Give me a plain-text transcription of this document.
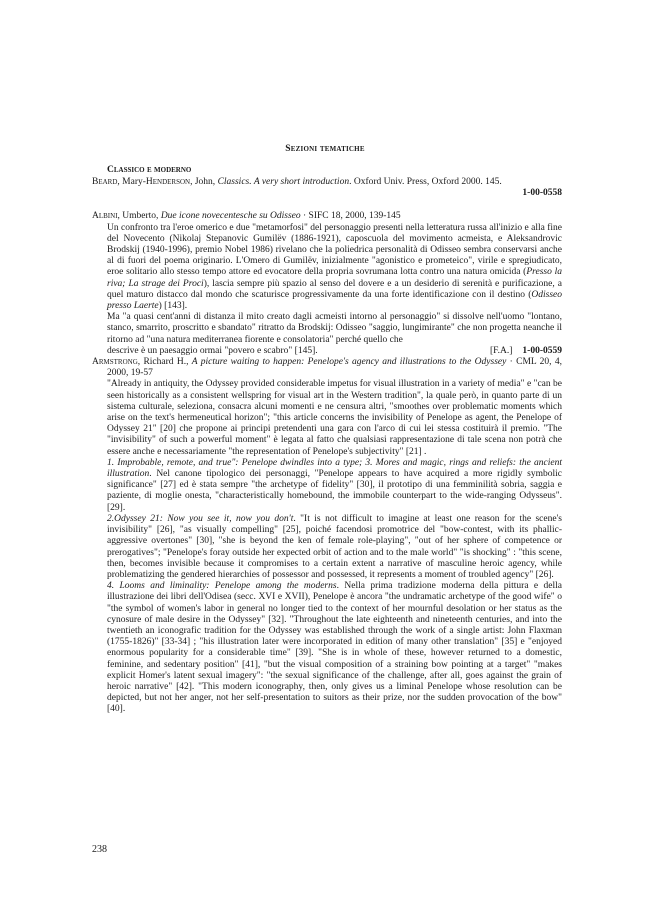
Sezioni tematiche
Classico e moderno
Beard, Mary-Henderson, John, Classics. A very short introduction. Oxford Univ. Press, Oxford 2000. 145.
1-00-0558
Albini, Umberto, Due icone novecentesche su Odisseo · SIFC 18, 2000, 139-145
Un confronto tra l'eroe omerico e due "metamorfosi" del personaggio presenti nella letteratura russa all'inizio e alla fine del Novecento (Nikolaj Stepanovic Gumilëv (1886-1921), caposcuola del movimento acmeista, e Aleksandrovic Brodskij (1940-1996), premio Nobel 1986) rivelano che la poliedrica personalità di Odisseo sembra conservarsi anche al di fuori del poema originario. L'Omero di Gumilëv, inizialmente "agonistico e prometeico", virile e spregiudicato, eroe solitario allo stesso tempo attore ed evocatore della propria sovrumana lotta contro una natura omicida (Presso la riva; La strage dei Proci), lascia sempre più spazio al senso del dovere e a un desiderio di serenità e purificazione, a quel maturo distacco dal mondo che scaturisce progressivamente da una forte identificazione con il destino (Odisseo presso Laerte) [143].
Ma "a quasi cent'anni di distanza il mito creato dagli acmeisti intorno al personaggio" si dissolve nell'uomo "lontano, stanco, smarrito, proscritto e sbandato" ritratto da Brodskij: Odisseo "saggio, lungimirante" che non progetta neanche il ritorno ad "una natura mediterranea fiorente e consolatoria" perché quello che
descrive è un paesaggio ormai "povero e scabro" [145].	[F.A.] 1-00-0559
Armstrong, Richard H., A picture waiting to happen: Penelope's agency and illustrations to the Odyssey · CML 20, 4, 2000, 19-57
"Already in antiquity, the Odyssey provided considerable impetus for visual illustration in a variety of media" e "can be seen historically as a consistent wellspring for visual art in the Western tradition", la quale però, in quanto parte di un sistema culturale, seleziona, consacra alcuni momenti e ne censura altri, "smoothes over problematic moments which arise on the text's hermeneutical horizon"; "this article concerns the invisibility of Penelope as agent, the Penelope of Odyssey 21" [20] che propone ai principi pretendenti una gara con l'arco di cui lei stessa costituirà il premio. "The "invisibility" of such a powerful moment" è legata al fatto che qualsiasi rappresentazione di tale scena non potrà che essere anche e necessariamente "the representation of Penelope's subjectivity" [21] .
1. Improbable, remote, and true": Penelope dwindles into a type; 3. Mores and magic, rings and reliefs: the ancient illustration. Nel canone tipologico dei personaggi, "Penelope appears to have acquired a more rigidly symbolic significance" [27] ed è stata sempre "the archetype of fidelity" [30], il prototipo di una femminilità sobria, saggia e paziente, di moglie onesta, "characteristically homebound, the immobile counterpart to the wide-ranging Odysseus". [29].
2.Odyssey 21: Now you see it, now you don't. "It is not difficult to imagine at least one reason for the scene's invisibility" [26], "as visually compelling" [25], poiché facendosi promotrice del "bow-contest, with its phallic-aggressive overtones" [30], "she is beyond the ken of female role-playing", "out of her sphere of competence or prerogatives"; "Penelope's foray outside her expected orbit of action and to the male world" "is shocking" : "this scene, then, becomes invisible because it compromises to a certain extent a narrative of masculine heroic agency, while problematizing the gendered hierarchies of possessor and possessed, it represents a moment of troubled agency" [26].
4. Looms and liminality: Penelope among the moderns. Nella prima tradizione moderna della pittura e della illustrazione dei libri dell'Odisea (secc. XVI e XVII), Penelope è ancora "the undramatic archetype of the good wife" o "the symbol of women's labor in general no longer tied to the context of her mournful desolation or her status as the cynosure of male desire in the Odyssey" [32]. "Throughout the late eighteenth and nineteenth centuries, and into the twentieth an iconografic tradition for the Odyssey was established through the work of a single artist: John Flaxman (1755-1826)" [33-34] ; "his illustration later were incorporated in edition of many other translation" [35] e "enjoyed enormous popularity for a considerable time" [39]. "She is in whole of these, however returned to a domestic, feminine, and sedentary position" [41], "but the visual composition of a straining bow pointing at a target" "makes explicit Homer's latent sexual imagery": "the sexual significance of the challenge, after all, goes against the grain of heroic narrative" [42]. "This modern iconography, then, only gives us a liminal Penelope whose resolution can be depicted, but not her anger, not her self-presentation to suitors as their prize, nor the sudden provocation of the bow" [40].
238
